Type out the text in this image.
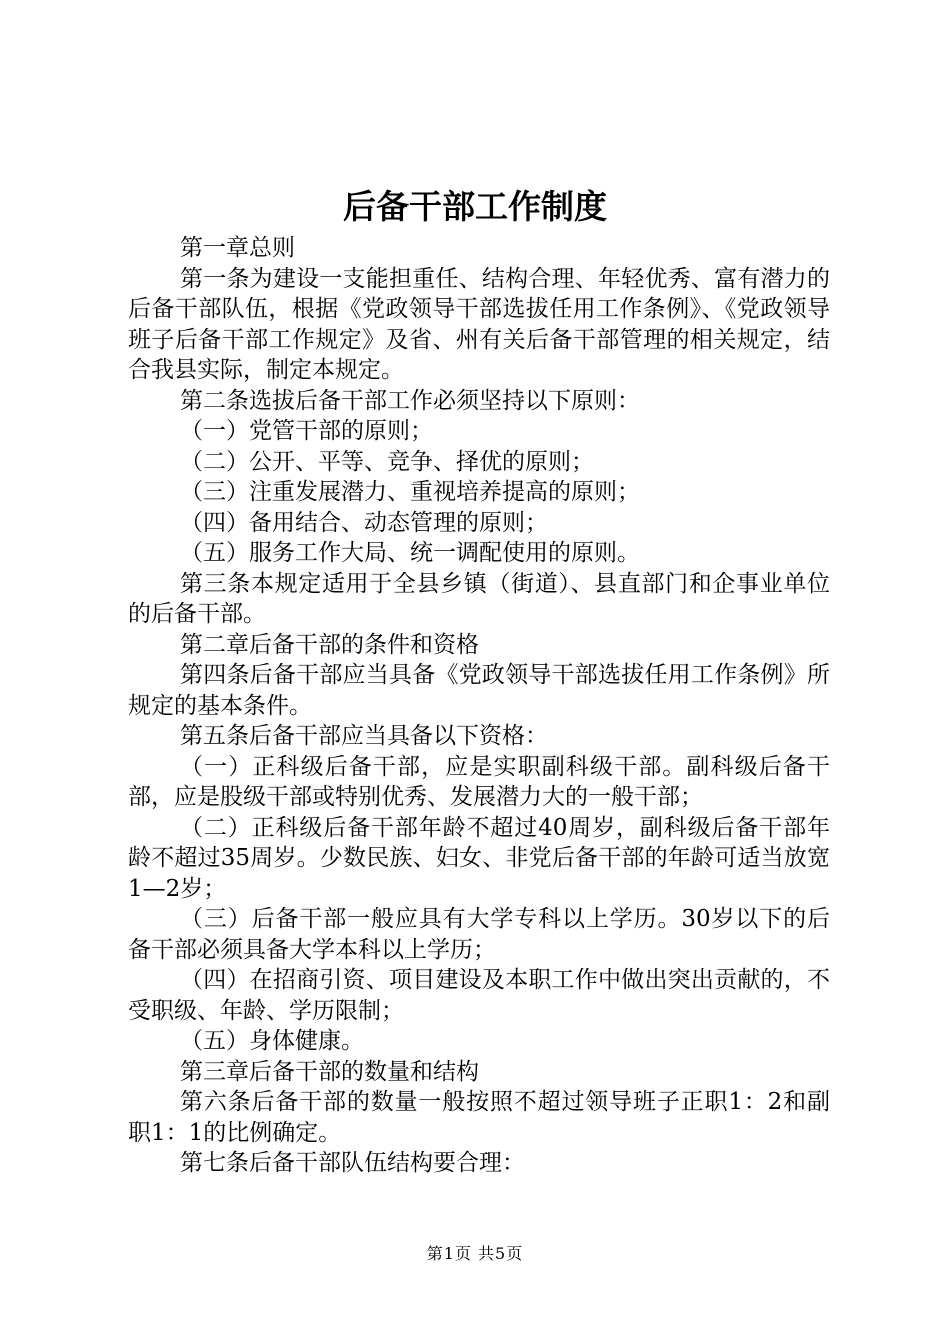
后备干部工作制度

第一章总则

第一条为建设一支能担重任、结构合理、年轻优秀、富有潜力的后备干部队伍，根据《党政领导干部选拔任用工作条例》、《党政领导班子后备干部工作规定》及省、州有关后备干部管理的相关规定，结合我县实际，制定本规定。

第二条选拔后备干部工作必须坚持以下原则：

（一）党管干部的原则；

（二）公开、平等、竞争、择优的原则；

（三）注重发展潜力、重视培养提高的原则；

（四）备用结合、动态管理的原则；

（五）服务工作大局、统一调配使用的原则。

第三条本规定适用于全县乡镇（街道）、县直部门和企事业单位的后备干部。

第二章后备干部的条件和资格

第四条后备干部应当具备《党政领导干部选拔任用工作条例》所规定的基本条件。

第五条后备干部应当具备以下资格：

（一）正科级后备干部，应是实职副科级干部。副科级后备干部，应是股级干部或特别优秀、发展潜力大的一般干部；

（二）正科级后备干部年龄不超过40周岁，副科级后备干部年龄不超过35周岁。少数民族、妇女、非党后备干部的年龄可适当放宽1—2岁；

（三）后备干部一般应具有大学专科以上学历。30岁以下的后备干部必须具备大学本科以上学历；

（四）在招商引资、项目建设及本职工作中做出突出贡献的，不受职级、年龄、学历限制；

（五）身体健康。

第三章后备干部的数量和结构

第六条后备干部的数量一般按照不超过领导班子正职1：2和副职1：1的比例确定。

第七条后备干部队伍结构要合理：

第1页 共5页
